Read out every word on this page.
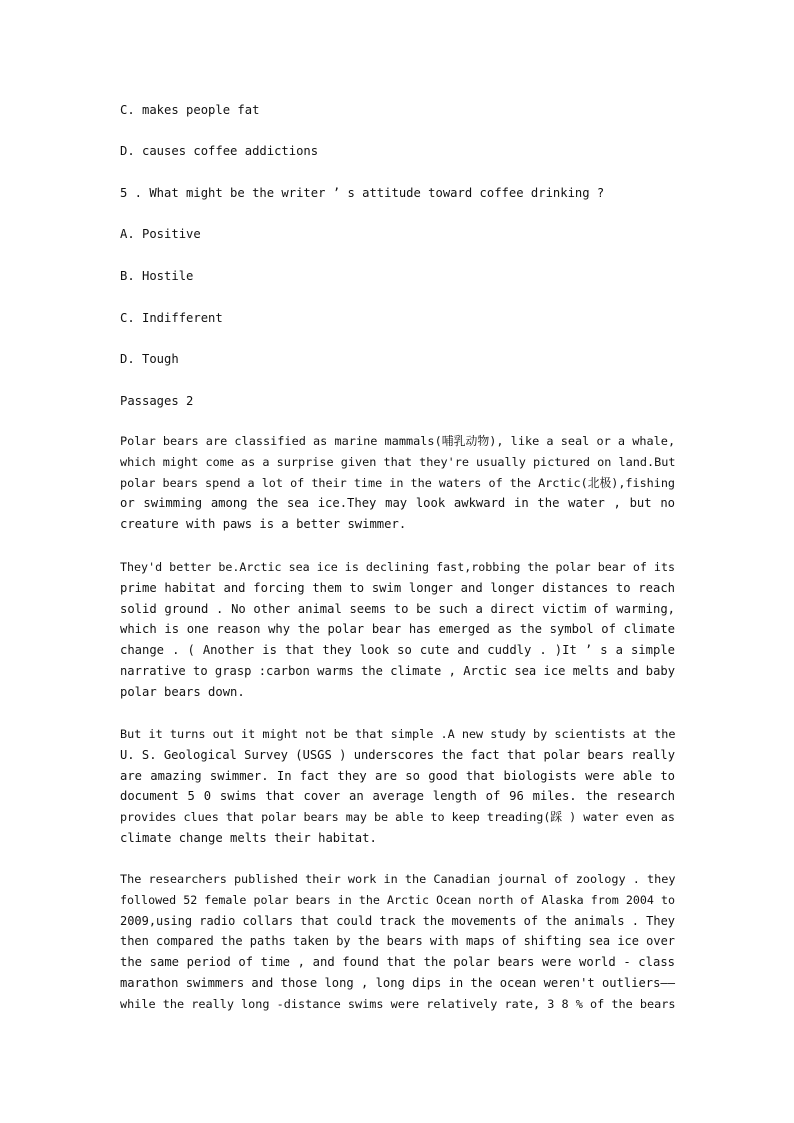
C. makes people fat
D. causes coffee addictions
5 . What might be the writer ’ s attitude toward coffee drinking ?
A. Positive
B. Hostile
C. Indifferent
D. Tough
Passages 2
Polar bears are classified as marine mammals(哺乳动物), like a seal or a whale,
which might come as a surprise given that they're usually pictured on land.But
polar bears spend a lot of their time in the waters of the Arctic(北极),fishing
or swimming among the sea ice.They may look awkward in the water , but no
creature with paws is a better swimmer.
They'd better be.Arctic sea ice is declining fast,robbing the polar bear of its
prime habitat and forcing them to swim longer and longer distances to reach
solid ground . No other animal seems to be such a direct victim of warming,
which is one reason why the polar bear has emerged as the symbol of climate
change . ( Another is that they look so cute and cuddly . )It ’ s a simple
narrative to grasp :carbon warms the climate , Arctic sea ice melts and baby
polar bears down.
But it turns out it might not be that simple .A new study by scientists at the
U. S. Geological Survey (USGS ) underscores the fact that polar bears really
are amazing swimmer. In fact they are so good that biologists were able to
document 5 0 swims that cover an average length of 96 miles. the research
provides clues that polar bears may be able to keep treading(踩 ) water even as
climate change melts their habitat.
The researchers published their work in the Canadian journal of zoology . they
followed 52 female polar bears in the Arctic Ocean north of Alaska from 2004 to
2009,using radio collars that could track the movements of the animals . They
then compared the paths taken by the bears with maps of shifting sea ice over
the same period of time , and found that the polar bears were world - class
marathon swimmers and those long , long dips in the ocean weren't outliers——
while the really long -distance swims were relatively rate, 3 8 % of the bears
